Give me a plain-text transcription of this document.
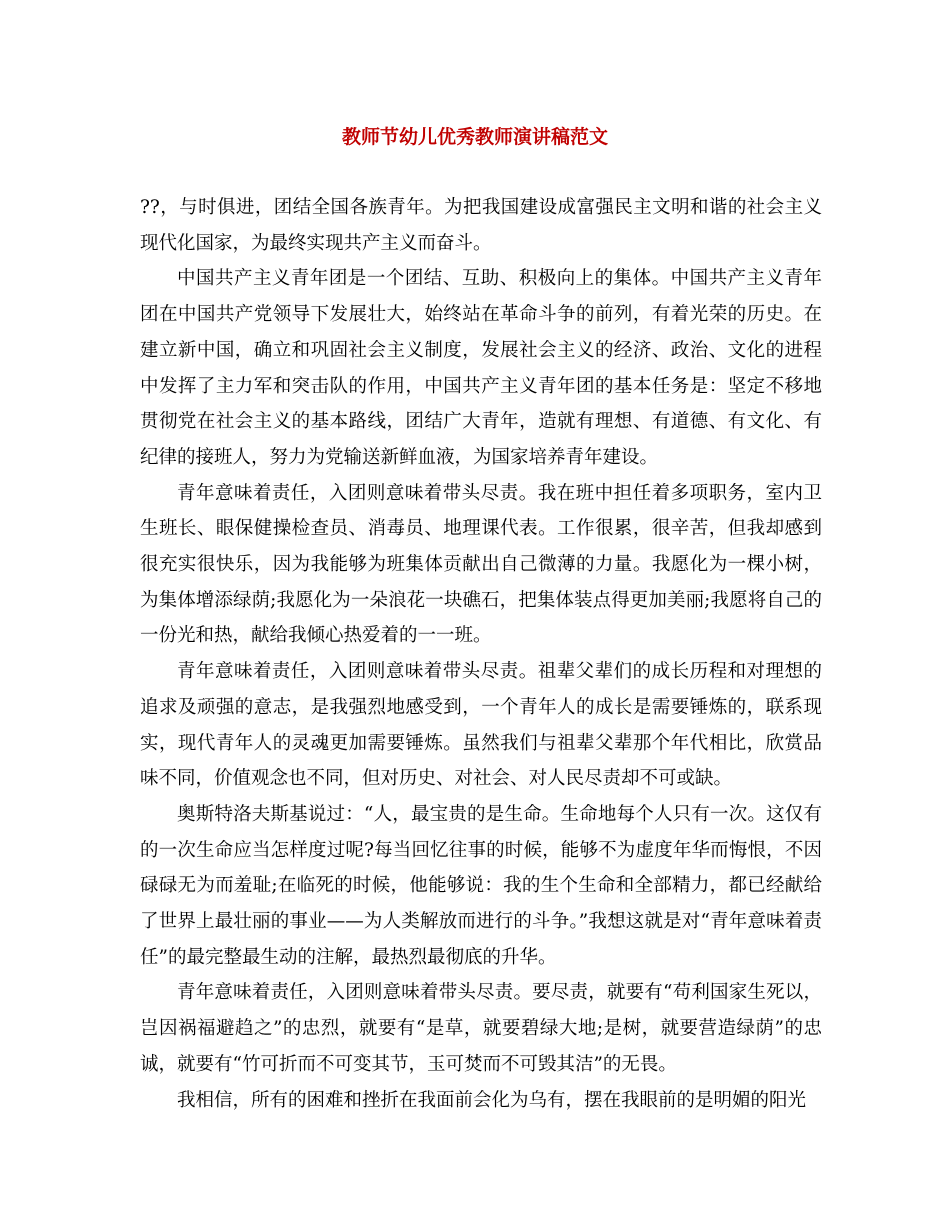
教师节幼儿优秀教师演讲稿范文

??，与时俱进，团结全国各族青年。为把我国建设成富强民主文明和谐的社会主义现代化国家，为最终实现共产主义而奋斗。

中国共产主义青年团是一个团结、互助、积极向上的集体。中国共产主义青年团在中国共产党领导下发展壮大，始终站在革命斗争的前列，有着光荣的历史。在建立新中国，确立和巩固社会主义制度，发展社会主义的经济、政治、文化的进程中发挥了主力军和突击队的作用，中国共产主义青年团的基本任务是：坚定不移地贯彻党在社会主义的基本路线，团结广大青年，造就有理想、有道德、有文化、有纪律的接班人，努力为党输送新鲜血液，为国家培养青年建设。

青年意味着责任，入团则意味着带头尽责。我在班中担任着多项职务，室内卫生班长、眼保健操检查员、消毒员、地理课代表。工作很累，很辛苦，但我却感到很充实很快乐，因为我能够为班集体贡献出自己微薄的力量。我愿化为一棵小树，为集体增添绿荫;我愿化为一朵浪花一块礁石，把集体装点得更加美丽;我愿将自己的一份光和热，献给我倾心热爱着的一一班。

青年意味着责任，入团则意味着带头尽责。祖辈父辈们的成长历程和对理想的追求及顽强的意志，是我强烈地感受到，一个青年人的成长是需要锤炼的，联系现实，现代青年人的灵魂更加需要锤炼。虽然我们与祖辈父辈那个年代相比，欣赏品味不同，价值观念也不同，但对历史、对社会、对人民尽责却不可或缺。

奥斯特洛夫斯基说过：“人，最宝贵的是生命。生命地每个人只有一次。这仅有的一次生命应当怎样度过呢?每当回忆往事的时候，能够不为虚度年华而悔恨，不因碌碌无为而羞耻;在临死的时候，他能够说：我的生个生命和全部精力，都已经献给了世界上最壮丽的事业——为人类解放而进行的斗争。”我想这就是对“青年意味着责任”的最完整最生动的注解，最热烈最彻底的升华。

青年意味着责任，入团则意味着带头尽责。要尽责，就要有“苟利国家生死以，岂因祸福避趋之”的忠烈，就要有“是草，就要碧绿大地;是树，就要营造绿荫”的忠诚，就要有“竹可折而不可变其节，玉可焚而不可毁其洁”的无畏。

我相信，所有的困难和挫折在我面前会化为乌有，摆在我眼前的是明媚的阳光
